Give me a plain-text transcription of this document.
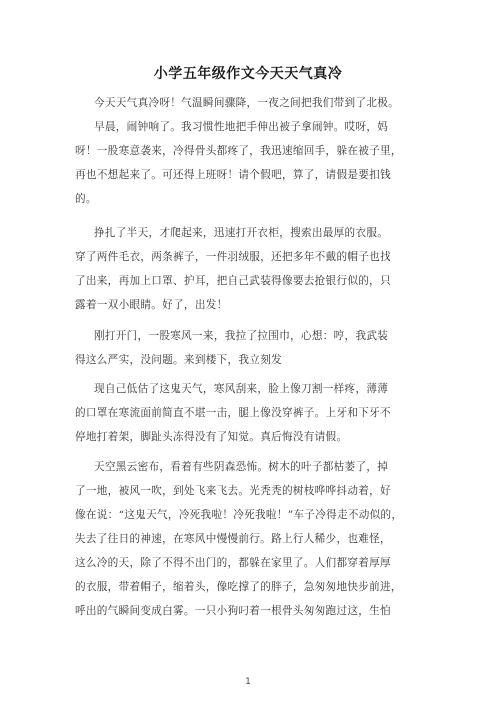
小学五年级作文今天天气真冷
今天天气真冷呀！气温瞬间骤降，一夜之间把我们带到了北极。
早晨，闹钟响了。我习惯性地把手伸出被子拿闹钟。哎呀，妈
呀！一股寒意袭来，冷得骨头都疼了，我迅速缩回手，躲在被子里，
再也不想起来了。可还得上班呀！请个假吧，算了，请假是要扣钱
的。
挣扎了半天，才爬起来，迅速打开衣柜，搜索出最厚的衣服。
穿了两件毛衣，两条裤子，一件羽绒服，还把多年不戴的帽子也找
了出来，再加上口罩、护耳，把自己武装得像要去抢银行似的，只
露着一双小眼睛。好了，出发！
刚打开门，一股寒风一来，我拉了拉围巾，心想：哼，我武装
得这么严实，没问题。来到楼下，我立刻发
现自己低估了这鬼天气，寒风刮来，脸上像刀割一样疼，薄薄
的口罩在寒流面前简直不堪一击，腿上像没穿裤子。上牙和下牙不
停地打着架，脚趾头冻得没有了知觉。真后悔没有请假。
天空黑云密布，看着有些阴森恐怖。树木的叶子都枯萎了，掉
了一地，被风一吹，到处飞来飞去。光秃秃的树枝哗哗抖动着，好
像在说：“这鬼天气，冷死我啦！冷死我啦！”车子冷得走不动似的，
失去了往日的神速，在寒风中慢慢前行。路上行人稀少，也难怪，
这么冷的天，除了不得不出门的，都躲在家里了。人们都穿着厚厚
的衣服，带着帽子，缩着头，像吃撑了的胖子，急匆匆地快步前进，
呼出的气瞬间变成白雾。一只小狗叼着一根骨头匆匆跑过这，生怕
1
